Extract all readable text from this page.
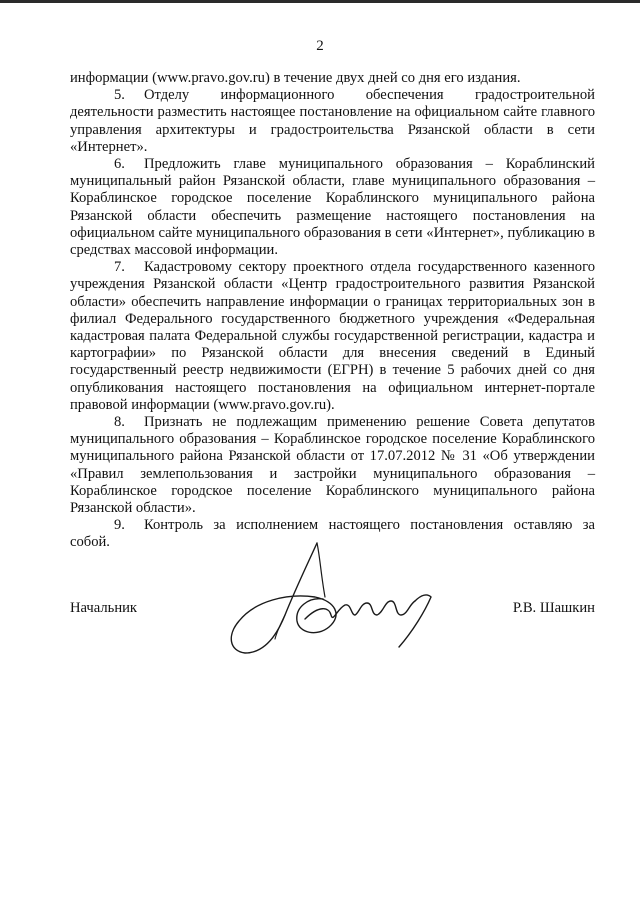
2

информации (www.pravo.gov.ru) в течение двух дней со дня его издания.

5. Отделу информационного обеспечения градостроительной деятельности разместить настоящее постановление на официальном сайте главного управления архитектуры и градостроительства Рязанской области в сети «Интернет».

6. Предложить главе муниципального образования – Кораблинский муниципальный район Рязанской области, главе муниципального образования – Кораблинское городское поселение Кораблинского муниципального района Рязанской области обеспечить размещение настоящего постановления на официальном сайте муниципального образования в сети «Интернет», публикацию в средствах массовой информации.

7. Кадастровому сектору проектного отдела государственного казенного учреждения Рязанской области «Центр градостроительного развития Рязанской области» обеспечить направление информации о границах территориальных зон в филиал Федерального государственного бюджетного учреждения «Федеральная кадастровая палата Федеральной службы государственной регистрации, кадастра и картографии» по Рязанской области для внесения сведений в Единый государственный реестр недвижимости (ЕГРН) в течение 5 рабочих дней со дня опубликования настоящего постановления на официальном интернет-портале правовой информации (www.pravo.gov.ru).

8. Признать не подлежащим применению решение Совета депутатов муниципального образования – Кораблинское городское поселение Кораблинского муниципального района Рязанской области от 17.07.2012 № 31 «Об утверждении «Правил землепользования и застройки муниципального образования – Кораблинское городское поселение Кораблинского муниципального района Рязанской области».

9. Контроль за исполнением настоящего постановления оставляю за собой.

Начальник	Р.В. Шашкин
